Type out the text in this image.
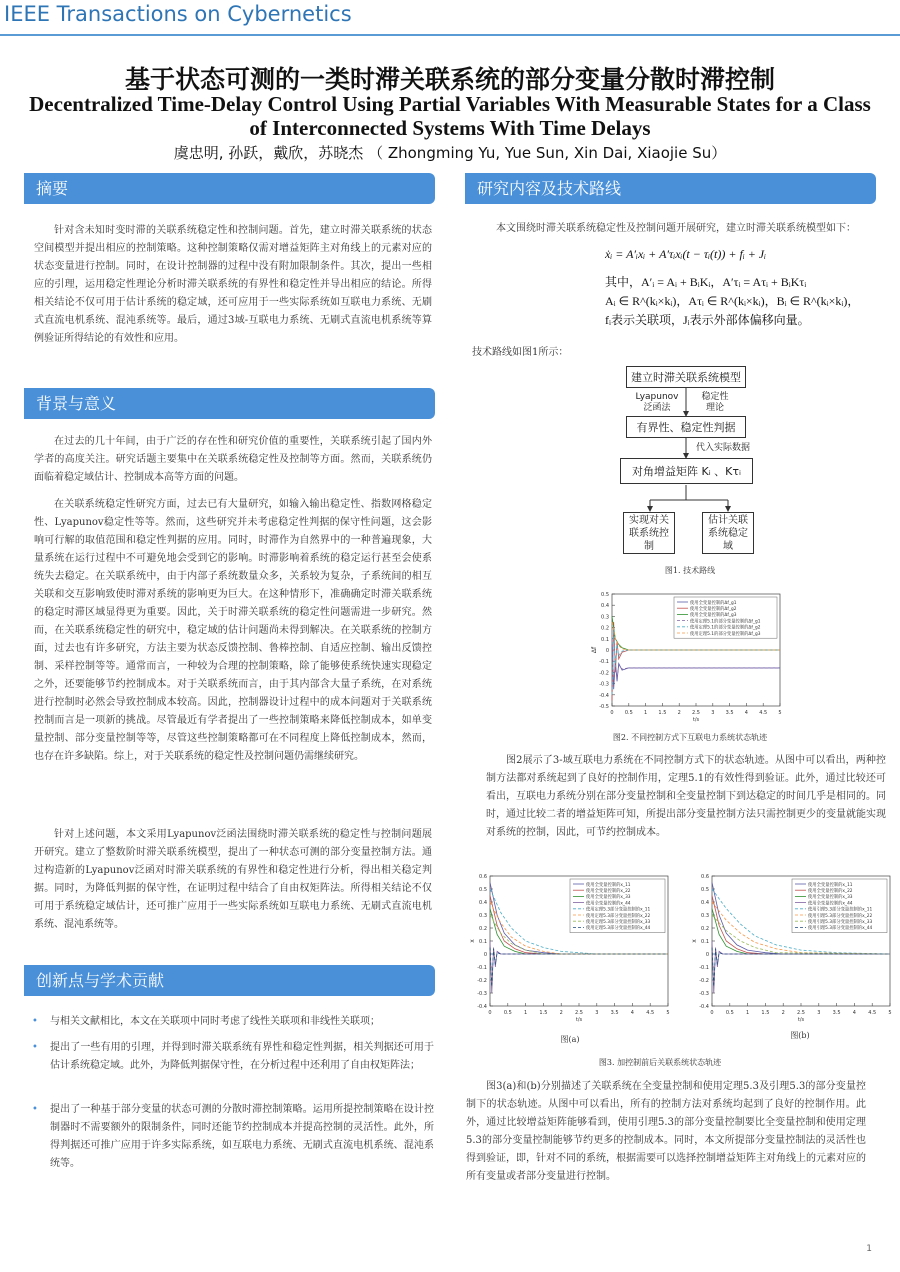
IEEE Transactions on Cybernetics
基于状态可测的一类时滞关联系统的部分变量分散时滞控制
Decentralized Time-Delay Control Using Partial Variables With Measurable States for a Class of Interconnected Systems With Time Delays
虞忠明, 孙跃，戴欣，苏晓杰 （ Zhongming Yu, Yue Sun, Xin Dai, Xiaojie Su）
摘要

针对含未知时变时滞的关联系统稳定性和控制问题。首先，建立时滞关联系统的状态空间模型并提出相应的控制策略。这种控制策略仅需对增益矩阵主对角线上的元素对应的状态变量进行控制。同时，在设计控制器的过程中没有附加限制条件。其次，提出一些相应的引理，运用稳定性理论分析时滞关联系统的有界性和稳定性并导出相应的结论。所得相关结论不仅可用于估计系统的稳定域，还可应用于一些实际系统如互联电力系统、无刷式直流电机系统、混沌系统等。最后，通过3域-互联电力系统、无刷式直流电机系统等算例验证所得结论的有效性和应用。

背景与意义

在过去的几十年间，由于广泛的存在性和研究价值的重要性，关联系统引起了国内外学者的高度关注。研究话题主要集中在关联系统稳定性及控制等方面。然而，关联系统仍面临着稳定域估计、控制成本高等方面的问题。

在关联系统稳定性研究方面，过去已有大量研究，如输入输出稳定性、指数网格稳定性、Lyapunov稳定性等等。然而，这些研究并未考虑稳定性判据的保守性问题，这会影响可行解的取值范围和稳定性判据的应用。同时，时滞作为自然界中的一种普遍现象，大量系统在运行过程中不可避免地会受到它的影响。时滞影响着系统的稳定运行甚至会使系统失去稳定。在关联系统中，由于内部子系统数量众多，关系较为复杂，子系统间的相互关联和交互影响致使时滞对系统的影响更为巨大。在这种情形下，准确确定时滞关联系统的稳定时滞区域显得更为重要。因此，关于时滞关联系统的稳定性问题需进一步研究。然而，在关联系统稳定性的研究中，稳定域的估计问题尚未得到解决。在关联系统的控制方面，过去也有许多研究，方法主要为状态反馈控制、鲁棒控制、自适应控制、输出反馈控制、采样控制等等。通常而言，一种较为合理的控制策略，除了能够使系统快速实现稳定之外，还要能够节约控制成本。对于关联系统而言，由于其内部含大量子系统，在对系统进行控制时必然会导致控制成本较高。因此，控制器设计过程中的成本问题对于关联系统控制而言是一项新的挑战。尽管最近有学者提出了一些控制策略来降低控制成本，如单变量控制、部分变量控制等等，尽管这些控制策略都可在不同程度上降低控制成本，然而，也存在许多缺陷。综上，对于关联系统的稳定性及控制问题仍需继续研究。

针对上述问题，本文采用Lyapunov泛函法围绕时滞关联系统的稳定性与控制问题展开研究。建立了整数阶时滞关联系统模型，提出了一种状态可测的部分变量控制方法。通过构造新的Lyapunov泛函对时滞关联系统的有界性和稳定性进行分析，得出相关稳定判据。同时，为降低判据的保守性，在证明过程中结合了自由权矩阵法。所得相关结论不仅可用于系统稳定域估计，还可推广应用于一些实际系统如互联电力系统、无刷式直流电机系统、混沌系统等。

创新点与学术贡献
• 与相关文献相比，本文在关联项中同时考虑了线性关联项和非线性关联项；
• 提出了一些有用的引理，并得到时滞关联系统有界性和稳定性判据，相关判据还可用于估计系统稳定域。此外，为降低判据保守性，在分析过程中还利用了自由权矩阵法；
• 提出了一种基于部分变量的状态可测的分散时滞控制策略。运用所提控制策略在设计控制器时不需要额外的限制条件，同时还能节约控制成本并提高控制的灵活性。此外，所得判据还可推广应用于许多实际系统，如互联电力系统、无刷式直流电机系统、混沌系统等。
研究内容及技术路线

本文围绕时滞关联系统稳定性及控制问题开展研究，建立时滞关联系统模型如下：

ẋᵢ = A′ᵢxᵢ + A′τᵢxᵢ(t − τᵢ(t)) + fᵢ + Jᵢ
其中，A′ᵢ = Aᵢ + BᵢKᵢ，A′τᵢ = Aτᵢ + BᵢKτᵢ
Aᵢ ∈ R^(kᵢ×kᵢ)，Aτᵢ ∈ R^(kᵢ×kᵢ)，Bᵢ ∈ R^(kᵢ×kᵢ)，
fᵢ表示关联项，Jᵢ表示外部体偏移向量。
技术路线如图1所示：
建立时滞关联系统模型
Lyapunov
泛函法
稳定性
理论
有界性、稳定性判据
代入实际数据
对角增益矩阵 Kᵢ 、Kτᵢ
实现对关
联系统控
制
估计关联
系统稳定
域
图1. 技术路线
0.5
0.4
0.3
0.2
0.1
0
-0.1
-0.2
-0.3
-0.4
-0.5
0 0.5 1 1.5 2 2.5 3 3.5 4 4.5 5
t/s
Δf
使用全变量控制的Δf_g1
使用全变量控制的Δf_g2
使用全变量控制的Δf_g3
使用定理5.1的部分变量控制的Δf_g1
使用定理5.1的部分变量控制的Δf_g2
使用定理5.1的部分变量控制的Δf_g3
图2. 不同控制方式下互联电力系统状态轨迹

图2展示了3-域互联电力系统在不同控制方式下的状态轨迹。从图中可以看出，两种控制方法都对系统起到了良好的控制作用，定理5.1的有效性得到验证。此外，通过比较还可看出，互联电力系统分别在部分变量控制和全变量控制下到达稳定的时间几乎是相同的。同时，通过比较二者的增益矩阵可知，所提出部分变量控制方法只需控制更少的变量就能实现对系统的控制，因此，可节约控制成本。

0.6
0.5
0.4
0.3
0.2
0.1
0
-0.1
-0.2
-0.3
-0.4
0 0.5 1 1.5 2 2.5 3 3.5 4 4.5 5
t/s
x
使用全变量控制的x_11
使用全变量控制的x_22
使用全变量控制的x_33
使用全变量控制的x_44
使用定理5.3部分变量控制的x_11
使用定理5.3部分变量控制的x_22
使用定理5.3部分变量控制的x_33
使用定理5.3部分变量控制的x_44
0.6
0.5
0.4
0.3
0.2
0.1
0
-0.1
-0.2
-0.3
-0.4
0 0.5 1 1.5 2 2.5 3 3.5 4 4.5 5
t/s
x
使用全变量控制的x_11
使用全变量控制的x_22
使用全变量控制的x_33
使用全变量控制的x_44
使用引理5.3部分变量控制的x_11
使用引理5.3部分变量控制的x_22
使用引理5.3部分变量控制的x_33
使用引理5.3部分变量控制的x_44
图(a)	图(b)
图3. 加控制前后关联系统状态轨迹

图3(a)和(b)分别描述了关联系统在全变量控制和使用定理5.3及引理5.3的部分变量控制下的状态轨迹。从图中可以看出，所有的控制方法对系统均起到了良好的控制作用。此外，通过比较增益矩阵能够看到，使用引理5.3的部分变量控制要比全变量控制和使用定理5.3的部分变量控制能够节约更多的控制成本。同时，本文所提部分变量控制法的灵活性也得到验证，即，针对不同的系统，根据需要可以选择控制增益矩阵主对角线上的元素对应的所有变量或者部分变量进行控制。

1
